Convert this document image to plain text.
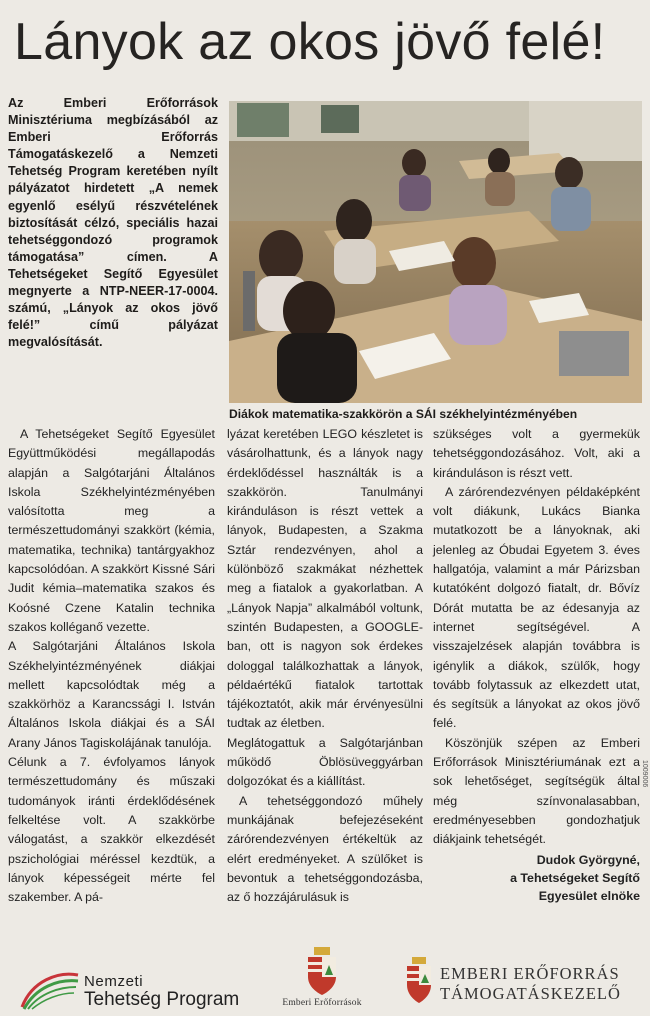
Lányok az okos jövő felé!
Az Emberi Erőforrások Minisztériuma megbízásából az Emberi Erőforrás Támogatáskezelő a Nemzeti Tehetség Program keretében nyílt pályázatot hirdetett „A nemek egyenlő esélyű részvételének biztosítását célzó, speciális hazai tehetséggondozó programok támogatása” címen. A Tehetségeket Segítő Egyesület megnyerte a NTP-NEER-17-0004. számú, „Lányok az okos jövő felé!” című pályázat megvalósítását.
Diákok matematika-szakkörön a SÁI székhelyintézményében

A Tehetségeket Segítő Egyesület Együttműködési megállapodás alapján a Salgótarjáni Általános Iskola Székhelyintézményében valósította meg a természettudományi szakkört (kémia, matematika, technika) tantárgyakhoz kapcsolódóan. A szakkört Kissné Sári Judit kémia–matematika szakos és Koósné Czene Katalin technika szakos kolléganő vezette.

A Salgótarjáni Általános Iskola Székhelyintézményének diákjai mellett kapcsolódtak még a szakkörhöz a Karancssági I. István Általános Iskola diákjai és a SÁI Arany János Tagiskolájának tanulója.

Célunk a 7. évfolyamos lányok természettudomány és műszaki tudományok iránti érdeklődésének felkeltése volt. A szakkörbe válogatást, a szakkör elkezdését pszichológiai méréssel kezdtük, a lányok képességeit mérte fel szakember. A pá-

lyázat keretében LEGO készletet is vásárolhattunk, és a lányok nagy érdeklődéssel használták is a szakkörön. Tanulmányi kiránduláson is részt vettek a lányok, Budapesten, a Szakma Sztár rendezvényen, ahol a különböző szakmákat nézhettek meg a fiatalok a gyakorlatban. A „Lányok Napja” alkalmából voltunk, szintén Budapesten, a GOOGLE-ban, ott is nagyon sok érdekes dologgal találkozhattak a lányok, példaértékű fiatalok tartottak tájékoztatót, akik már érvényesülni tudtak az életben.

Meglátogattuk a Salgótarjánban működő Öblösüveggyárban dolgozókat és a kiállítást.

A tehetséggondozó műhely munkájának befejezéseként zárórendezvényen értékeltük az elért eredményeket. A szülőket is bevontuk a tehetséggondozásba, az ő hozzájárulásuk is

szükséges volt a gyermekük tehetséggondozásához. Volt, aki a kiránduláson is részt vett.

A zárórendezvényen példaképként volt diákunk, Lukács Bianka mutatkozott be a lányoknak, aki jelenleg az Óbudai Egyetem 3. éves hallgatója, valamint a már Párizsban kutatóként dolgozó fiatalt, dr. Bővíz Dórát mutatta be az édesanyja az internet segítségével. A visszajelzések alapján továbbra is igénylik a diákok, szülők, hogy tovább folytassuk az elkezdett utat, és segítsük a lányokat az okos jövő felé.

Köszönjük szépen az Emberi Erőforrások Minisztériumának ezt a sok lehetőséget, segítségük által még színvonalasabban, eredményesebben gondozhatjuk diákjaink tehetségét.

Dudok Györgyné,
a Tehetségeket Segítő
Egyesület elnöke
1009006
Nemzeti
Tehetség Program	Emberi Erőforrások
EMBERI ERŐFORRÁS
TÁMOGATÁSKEZELŐ
